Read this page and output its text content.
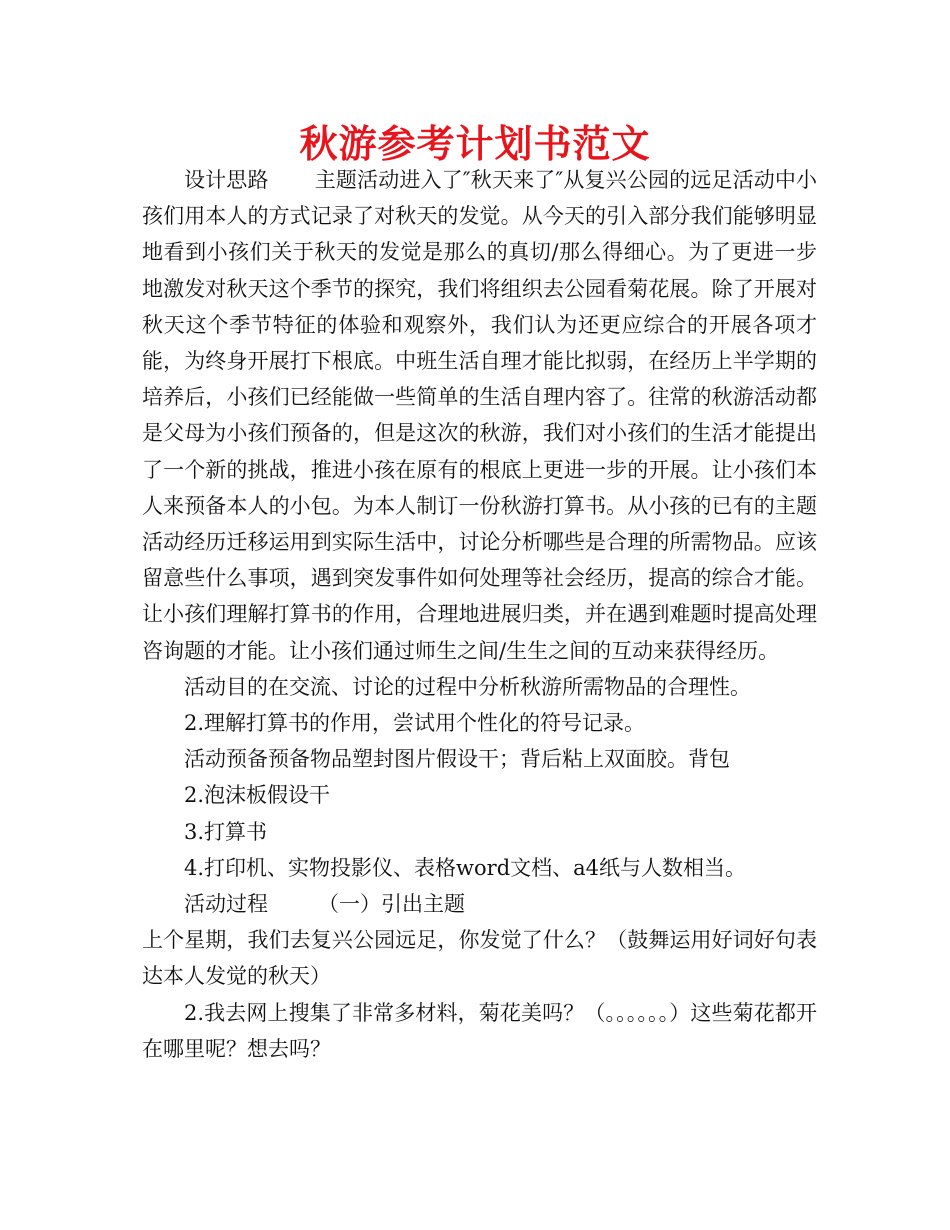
秋游参考计划书范文

设计思路 主题活动进入了″秋天来了″从复兴公园的远足活动中小孩们用本人的方式记录了对秋天的发觉。从今天的引入部分我们能够明显地看到小孩们关于秋天的发觉是那么的真切/那么得细心。为了更进一步地激发对秋天这个季节的探究，我们将组织去公园看菊花展。除了开展对秋天这个季节特征的体验和观察外，我们认为还更应综合的开展各项才能，为终身开展打下根底。中班生活自理才能比拟弱，在经历上半学期的培养后，小孩们已经能做一些简单的生活自理内容了。往常的秋游活动都是父母为小孩们预备的，但是这次的秋游，我们对小孩们的生活才能提出了一个新的挑战，推进小孩在原有的根底上更进一步的开展。让小孩们本人来预备本人的小包。为本人制订一份秋游打算书。从小孩的已有的主题活动经历迁移运用到实际生活中，讨论分析哪些是合理的所需物品。应该留意些什么事项，遇到突发事件如何处理等社会经历，提高的综合才能。让小孩们理解打算书的作用，合理地进展归类，并在遇到难题时提高处理咨询题的才能。让小孩们通过师生之间/生生之间的互动来获得经历。

活动目的在交流、讨论的过程中分析秋游所需物品的合理性。

2.理解打算书的作用，尝试用个性化的符号记录。

活动预备预备物品塑封图片假设干；背后粘上双面胶。背包

2.泡沫板假设干

3.打算书

4.打印机、实物投影仪、表格word文档、a4纸与人数相当。

活动过程 （一）引出主题

上个星期，我们去复兴公园远足，你发觉了什么？（鼓舞运用好词好句表达本人发觉的秋天）

2.我去网上搜集了非常多材料，菊花美吗？（。。。。。。）这些菊花都开在哪里呢？想去吗？
